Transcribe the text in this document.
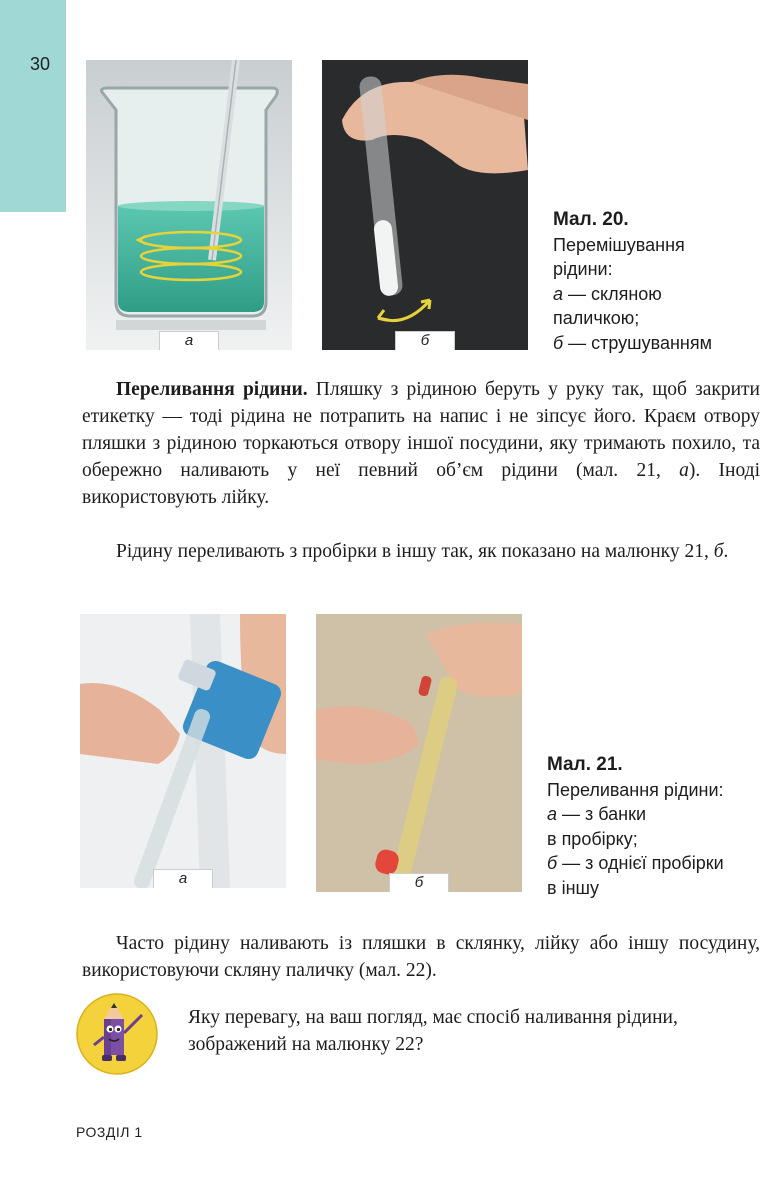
30
а	б
Мал. 20.
Перемішування
рідини:
а — скляною
паличкою;
б — струшуванням

Переливання рідини. Пляшку з рідиною беруть у руку так, щоб закрити етикетку — тоді рідина не потрапить на напис і не зіпсує його. Краєм отвору пляшки з рідиною торкаються отвору іншої посудини, яку тримають похило, та обережно наливають у неї певний об’єм рідини (мал. 21, а). Іноді використовують лійку.

Рідину переливають з пробірки в іншу так, як показано на малюнку 21, б.

а	б
Мал. 21.
Переливання рідини:
а — з банки
в пробірку;
б — з однієї пробірки
в іншу

Часто рідину наливають із пляшки в склянку, лійку або іншу посудину, використовуючи скляну паличку (мал. 22).

Яку перевагу, на ваш погляд, має спосіб наливання рідини, зображений на малюнку 22?

РОЗДІЛ 1
